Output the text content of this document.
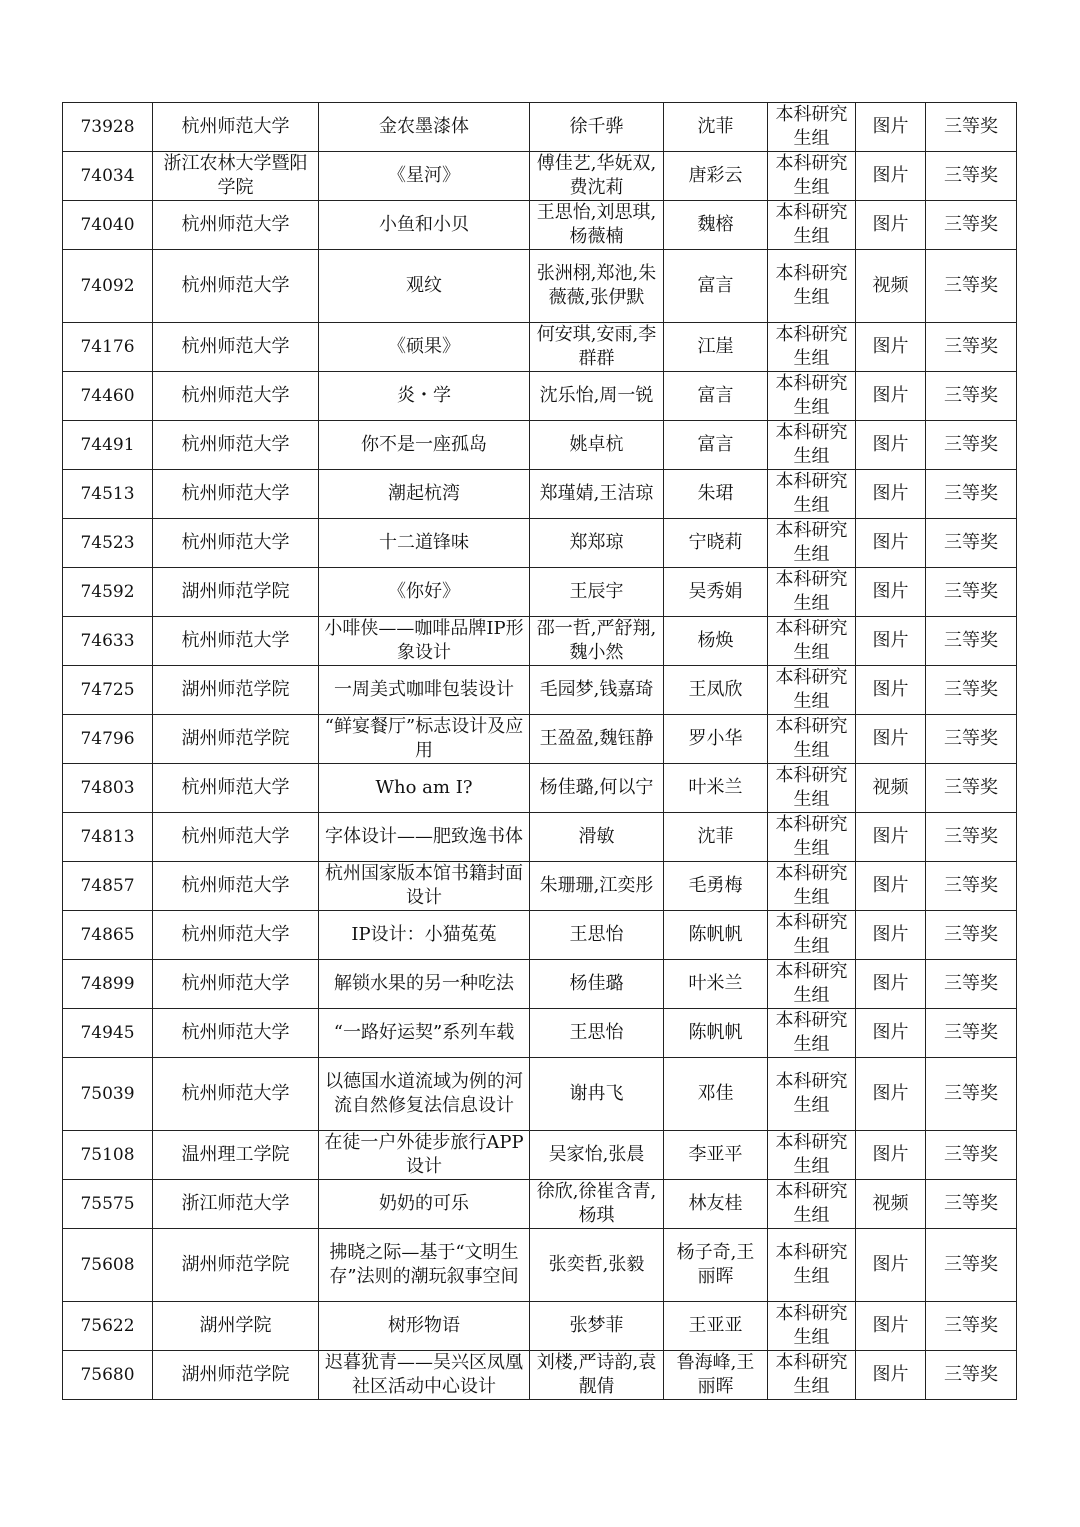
73928	杭州师范大学	金农墨漆体	徐千骅	沈菲	本科研究生组	图片	三等奖
74034	浙江农林大学暨阳学院	《星河》	傅佳艺,华妩双,费沈莉	唐彩云	本科研究生组	图片	三等奖
74040	杭州师范大学	小鱼和小贝	王思怡,刘思琪,杨薇楠	魏榕	本科研究生组	图片	三等奖
74092	杭州师范大学	观纹	张洲栩,郑池,朱薇薇,张伊默	富言	本科研究生组	视频	三等奖
74176	杭州师范大学	《硕果》	何安琪,安雨,李群群	江崖	本科研究生组	图片	三等奖
74460	杭州师范大学	炎・学	沈乐怡,周一锐	富言	本科研究生组	图片	三等奖
74491	杭州师范大学	你不是一座孤岛	姚卓杭	富言	本科研究生组	图片	三等奖
74513	杭州师范大学	潮起杭湾	郑瑾婧,王洁琼	朱珺	本科研究生组	图片	三等奖
74523	杭州师范大学	十二道锋味	郑郑琼	宁晓莉	本科研究生组	图片	三等奖
74592	湖州师范学院	《你好》	王辰宇	吴秀娟	本科研究生组	图片	三等奖
74633	杭州师范大学	小啡侠——咖啡品牌IP形象设计	邵一哲,严舒翔,魏小然	杨焕	本科研究生组	图片	三等奖
74725	湖州师范学院	一周美式咖啡包装设计	毛园梦,钱嘉琦	王凤欣	本科研究生组	图片	三等奖
74796	湖州师范学院	“鲜宴餐厅”标志设计及应用	王盈盈,魏钰静	罗小华	本科研究生组	图片	三等奖
74803	杭州师范大学	Who am I?	杨佳璐,何以宁	叶米兰	本科研究生组	视频	三等奖
74813	杭州师范大学	字体设计——肥致逸书体	滑敏	沈菲	本科研究生组	图片	三等奖
74857	杭州师范大学	杭州国家版本馆书籍封面设计	朱珊珊,江奕彤	毛勇梅	本科研究生组	图片	三等奖
74865	杭州师范大学	IP设计：小猫菟菟	王思怡	陈帆帆	本科研究生组	图片	三等奖
74899	杭州师范大学	解锁水果的另一种吃法	杨佳璐	叶米兰	本科研究生组	图片	三等奖
74945	杭州师范大学	“一路好运契”系列车载	王思怡	陈帆帆	本科研究生组	图片	三等奖
75039	杭州师范大学	以德国水道流域为例的河流自然修复法信息设计	谢冉飞	邓佳	本科研究生组	图片	三等奖
75108	温州理工学院	在徒一户外徒步旅行APP设计	吴家怡,张晨	李亚平	本科研究生组	图片	三等奖
75575	浙江师范大学	奶奶的可乐	徐欣,徐崔含青,杨琪	林友桂	本科研究生组	视频	三等奖
75608	湖州师范学院	拂晓之际—基于“文明生存”法则的潮玩叙事空间	张奕哲,张毅	杨子奇,王丽晖	本科研究生组	图片	三等奖
75622	湖州学院	树形物语	张梦菲	王亚亚	本科研究生组	图片	三等奖
75680	湖州师范学院	迟暮犹青——吴兴区凤凰社区活动中心设计	刘楼,严诗韵,袁靓倩	鲁海峰,王丽晖	本科研究生组	图片	三等奖
